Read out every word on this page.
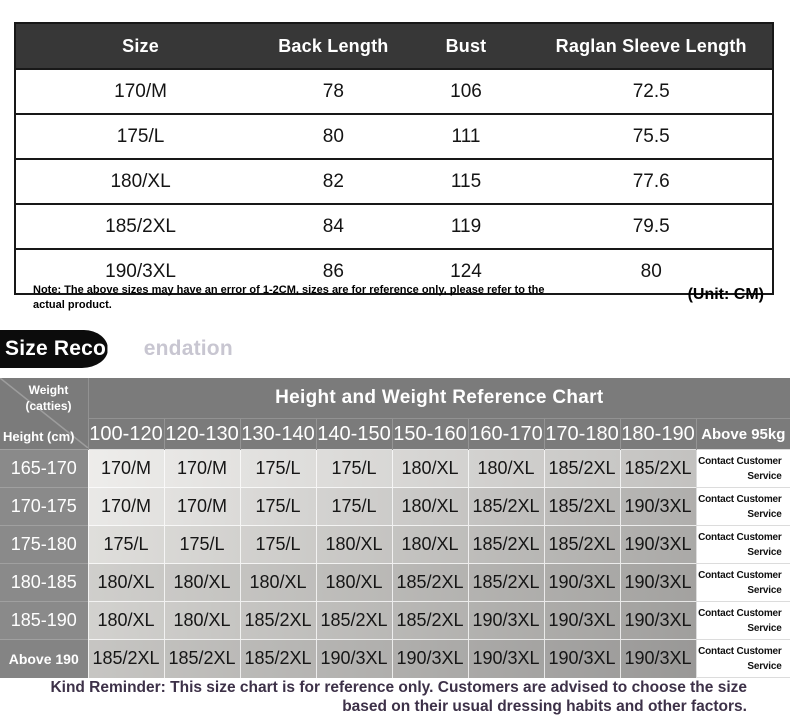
Size	Back Length	Bust	Raglan Sleeve Length
170/M	78	106	72.5
175/L	80	111	75.5
180/XL	82	115	77.6
185/2XL	84	119	79.5
190/3XL	86	124	80
Note: The above sizes may have an error of 1-2CM, sizes are for reference only, please refer to the actual product.
(Unit: CM)
Size Recommendation
Weight (catties)
Height (cm)	Height and Weight Reference Chart								
	100-120	120-130	130-140	140-150	150-160	160-170	170-180	180-190	Above 95kg
165-170	170/M	170/M	175/L	175/L	180/XL	180/XL	185/2XL	185/2XL	Contact Customer Service
170-175	170/M	170/M	175/L	175/L	180/XL	185/2XL	185/2XL	190/3XL	Contact Customer Service
175-180	175/L	175/L	175/L	180/XL	180/XL	185/2XL	185/2XL	190/3XL	Contact Customer Service
180-185	180/XL	180/XL	180/XL	180/XL	185/2XL	185/2XL	190/3XL	190/3XL	Contact Customer Service
185-190	180/XL	180/XL	185/2XL	185/2XL	185/2XL	190/3XL	190/3XL	190/3XL	Contact Customer Service
Above 190	185/2XL	185/2XL	185/2XL	190/3XL	190/3XL	190/3XL	190/3XL	190/3XL	Contact Customer Service
Kind Reminder: This size chart is for reference only. Customers are advised to choose the size based on their usual dressing habits and other factors.
